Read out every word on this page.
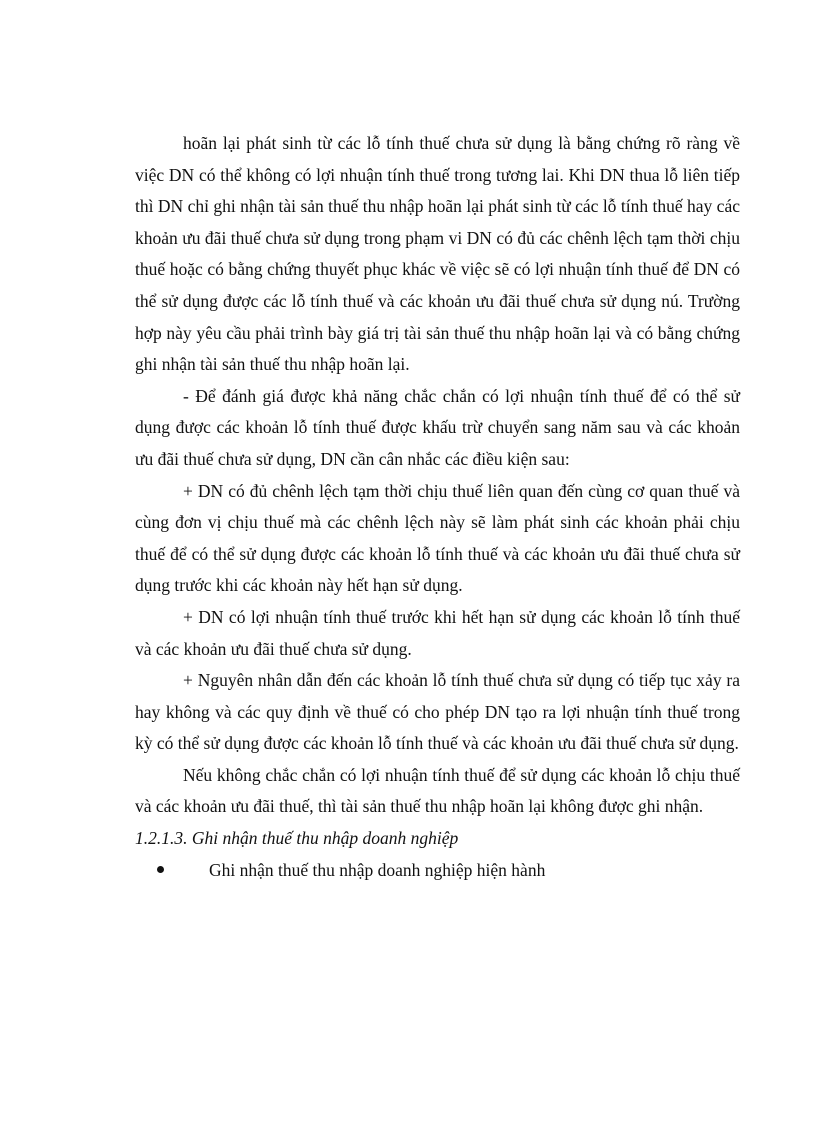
hoãn lại phát sinh từ các lỗ tính thuế chưa sử dụng là bằng chứng rõ ràng về việc DN có thể không có lợi nhuận tính thuế trong tương lai. Khi DN thua lỗ liên tiếp thì DN chỉ ghi nhận tài sản thuế thu nhập hoãn lại phát sinh từ các lỗ tính thuế hay các khoản ưu đãi thuế chưa sử dụng trong phạm vi DN có đủ các chênh lệch tạm thời chịu thuế hoặc có bằng chứng thuyết phục khác về việc sẽ có lợi nhuận tính thuế để DN có thể sử dụng được các lỗ tính thuế và các khoản ưu đãi thuế chưa sử dụng nú. Trường hợp này yêu cầu phải trình bày giá trị tài sản thuế thu nhập hoãn lại và có bằng chứng ghi nhận tài sản thuế thu nhập hoãn lại.

- Để đánh giá được khả năng chắc chắn có lợi nhuận tính thuế để có thể sử dụng được các khoản lỗ tính thuế được khấu trừ chuyển sang năm sau và các khoản ưu đãi thuế chưa sử dụng, DN cần cân nhắc các điều kiện sau:

+ DN có đủ chênh lệch tạm thời chịu thuế liên quan đến cùng cơ quan thuế và cùng đơn vị chịu thuế mà các chênh lệch này sẽ làm phát sinh các khoản phải chịu thuế để có thể sử dụng được các khoản lỗ tính thuế và các khoản ưu đãi thuế chưa sử dụng trước khi các khoản này hết hạn sử dụng.

+ DN có lợi nhuận tính thuế trước khi hết hạn sử dụng các khoản lỗ tính thuế và các khoản ưu đãi thuế chưa sử dụng.

+ Nguyên nhân dẫn đến các khoản lỗ tính thuế chưa sử dụng có tiếp tục xảy ra hay không và các quy định về thuế có cho phép DN tạo ra lợi nhuận tính thuế trong kỳ có thể sử dụng được các khoản lỗ tính thuế và các khoản ưu đãi thuế chưa sử dụng.

Nếu không chắc chắn có lợi nhuận tính thuế để sử dụng các khoản lỗ chịu thuế và các khoản ưu đãi thuế, thì tài sản thuế thu nhập hoãn lại không được ghi nhận.

1.2.1.3. Ghi nhận thuế thu nhập doanh nghiệp

Ghi nhận thuế thu nhập doanh nghiệp hiện hành
